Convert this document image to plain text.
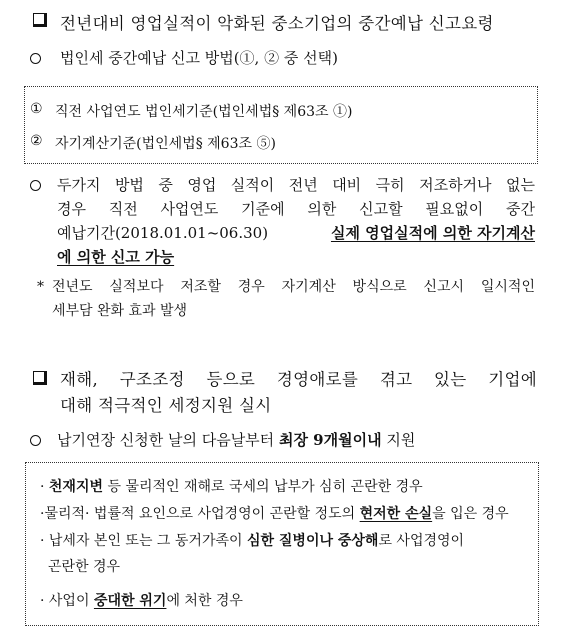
전년대비 영업실적이 악화된 중소기업의 중간예납 신고요령
법인세 중간예납 신고 방법(①, ② 중 선택)
① 직전 사업연도 법인세기준(법인세법§ 제63조 ①)
② 자기계산기준(법인세법§ 제63조 ⑤)
두가지 방법 중 영업 실적이 전년 대비 극히 저조하거나 없는
경우 직전 사업연도 기준에 의한 신고할 필요없이 중간
예납기간(2018.01.01~06.30)	실제 영업실적에 의한 자기계산
에 의한 신고 가능
* 전년도 실적보다 저조할 경우 자기계산 방식으로 신고시 일시적인
세부담 완화 효과 발생
재해, 구조조정 등으로 경영애로를 겪고 있는 기업에
대해 적극적인 세정지원 실시
납기연장 신청한 날의 다음날부터 최장 9개월이내 지원
· 천재지변 등 물리적인 재해로 국세의 납부가 심히 곤란한 경우
·물리적· 법률적 요인으로 사업경영이 곤란할 정도의 현저한 손실을 입은 경우
· 납세자 본인 또는 그 동거가족이 심한 질병이나 중상해로 사업경영이
곤란한 경우
· 사업이 중대한 위기에 처한 경우
